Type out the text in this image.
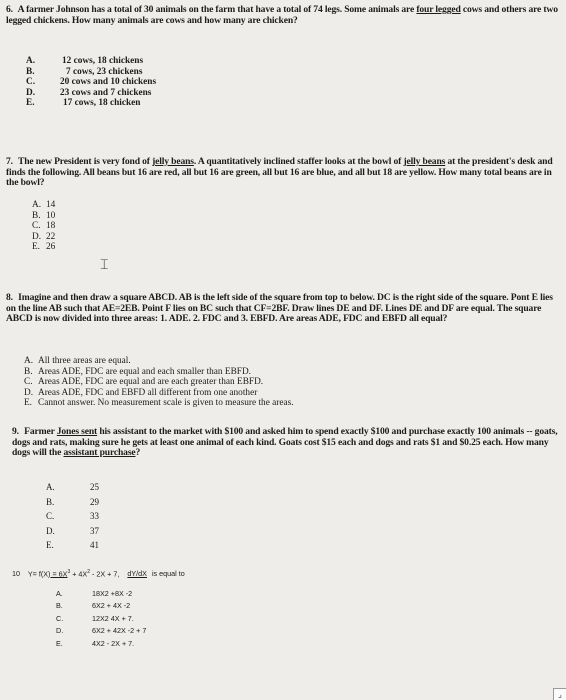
6. A farmer Johnson has a total of 30 animals on the farm that have a total of 74 legs. Some animals are four legged cows and others are two legged chickens. How many animals are cows and how many are chicken?
A.	12 cows, 18 chickens
B.	7 cows, 23 chickens
C.	20 cows and 10 chickens
D.	23 cows and 7 chickens
E.	17 cows, 18 chicken
7. The new President is very fond of jelly beans. A quantitatively inclined staffer looks at the bowl of jelly beans at the president's desk and finds the following. All beans but 16 are red, all but 16 are green, all but 16 are blue, and all but 18 are yellow. How many total beans are in the bowl?
A. 14
B. 10
C. 18
D. 22
E. 26
⌶
8. Imagine and then draw a square ABCD. AB is the left side of the square from top to below. DC is the right side of the square. Pont E lies on the line AB such that AE=2EB. Point F lies on BC such that CF=2BF. Draw lines DE and DF. Lines DE and DF are equal. The square ABCD is now divided into three areas: 1. ADE. 2. FDC and 3. EBFD. Are areas ADE, FDC and EBFD all equal?
A. All three areas are equal.
B. Areas ADE, FDC are equal and each smaller than EBFD.
C. Areas ADE, FDC are equal and are each greater than EBFD.
D. Areas ADE, FDC and EBFD all different from one another
E. Cannot answer. No measurement scale is given to measure the areas.
9. Farmer Jones sent his assistant to the market with $100 and asked him to spend exactly $100 and purchase exactly 100 animals -- goats, dogs and rats, making sure he gets at least one animal of each kind. Goats cost $15 each and dogs and rats $1 and $0.25 each. How many dogs will the assistant purchase?
A.	25
B.	29
C.	33
D.	37
E.	41
10 $Y= f(X) = 6X^3 + 4X^2 - 2X + 7$, dY/dX is equal to
A.	18X2 +8X -2
B.	6X2 + 4X -2
C.	12X2 4X + 7.
D.	6X2 + 42X -2 + 7
E.	4X2 - 2X + 7.
⌟
